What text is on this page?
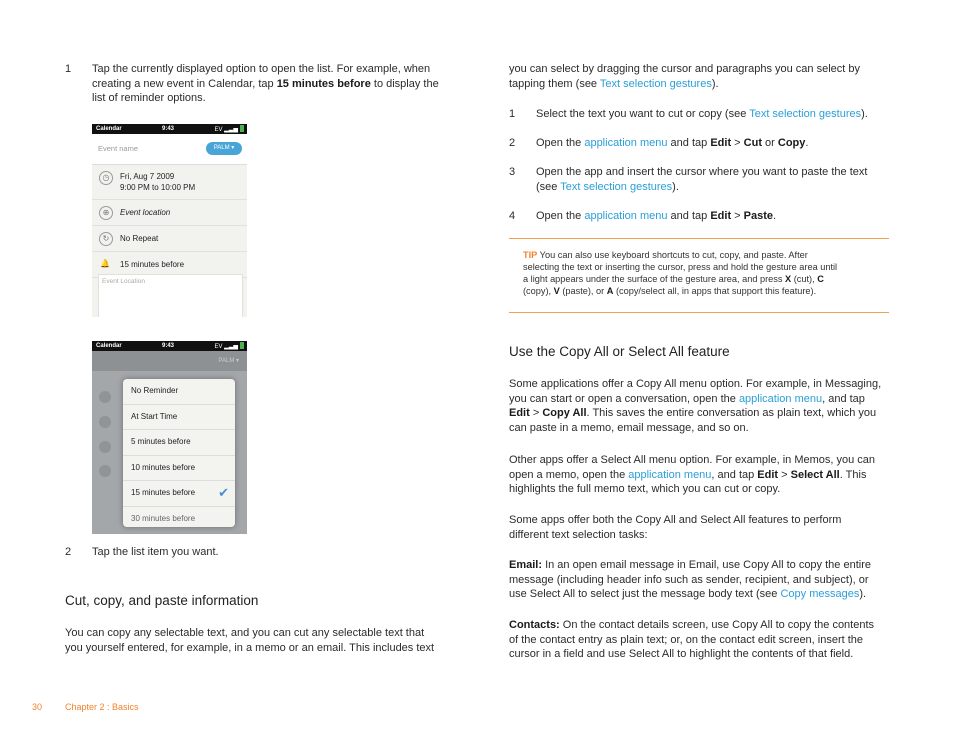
1 Tap the currently displayed option to open the list. For example, when
creating a new event in Calendar, tap 15 minutes before to display the
list of reminder options.
Calendar	9:43	EV ▂▃▅
Event name	PALM ▾
◷	Fri, Aug 7 2009
9:00 PM to 10:00 PM
⊕	Event location
↻	No Repeat
🔔 15 minutes before
Event Location
Calendar	9:43	EV ▂▃▅
PALM ▾
No Reminder
At Start Time
5 minutes before
10 minutes before
15 minutes before ✔
30 minutes before
2 Tap the list item you want.
Cut, copy, and paste information
You can copy any selectable text, and you can cut any selectable text that
you yourself entered, for example, in a memo or an email. This includes text
you can select by dragging the cursor and paragraphs you can select by
tapping them (see Text selection gestures).
1 Select the text you want to cut or copy (see Text selection gestures).
2 Open the application menu and tap Edit > Cut or Copy.
3 Open the app and insert the cursor where you want to paste the text
(see Text selection gestures).
4 Open the application menu and tap Edit > Paste.
TIP You can also use keyboard shortcuts to cut, copy, and paste. After
selecting the text or inserting the cursor, press and hold the gesture area until
a light appears under the surface of the gesture area, and press X (cut), C
(copy), V (paste), or A (copy/select all, in apps that support this feature).
Use the Copy All or Select All feature
Some applications offer a Copy All menu option. For example, in Messaging,
you can start or open a conversation, open the application menu, and tap
Edit > Copy All. This saves the entire conversation as plain text, which you
can paste in a memo, email message, and so on.
Other apps offer a Select All menu option. For example, in Memos, you can
open a memo, open the application menu, and tap Edit > Select All. This
highlights the full memo text, which you can cut or copy.
Some apps offer both the Copy All and Select All features to perform
different text selection tasks:
Email: In an open email message in Email, use Copy All to copy the entire
message (including header info such as sender, recipient, and subject), or
use Select All to select just the message body text (see Copy messages).
Contacts: On the contact details screen, use Copy All to copy the contents
of the contact entry as plain text; or, on the contact edit screen, insert the
cursor in a field and use Select All to highlight the contents of that field.
30	Chapter 2 : Basics
